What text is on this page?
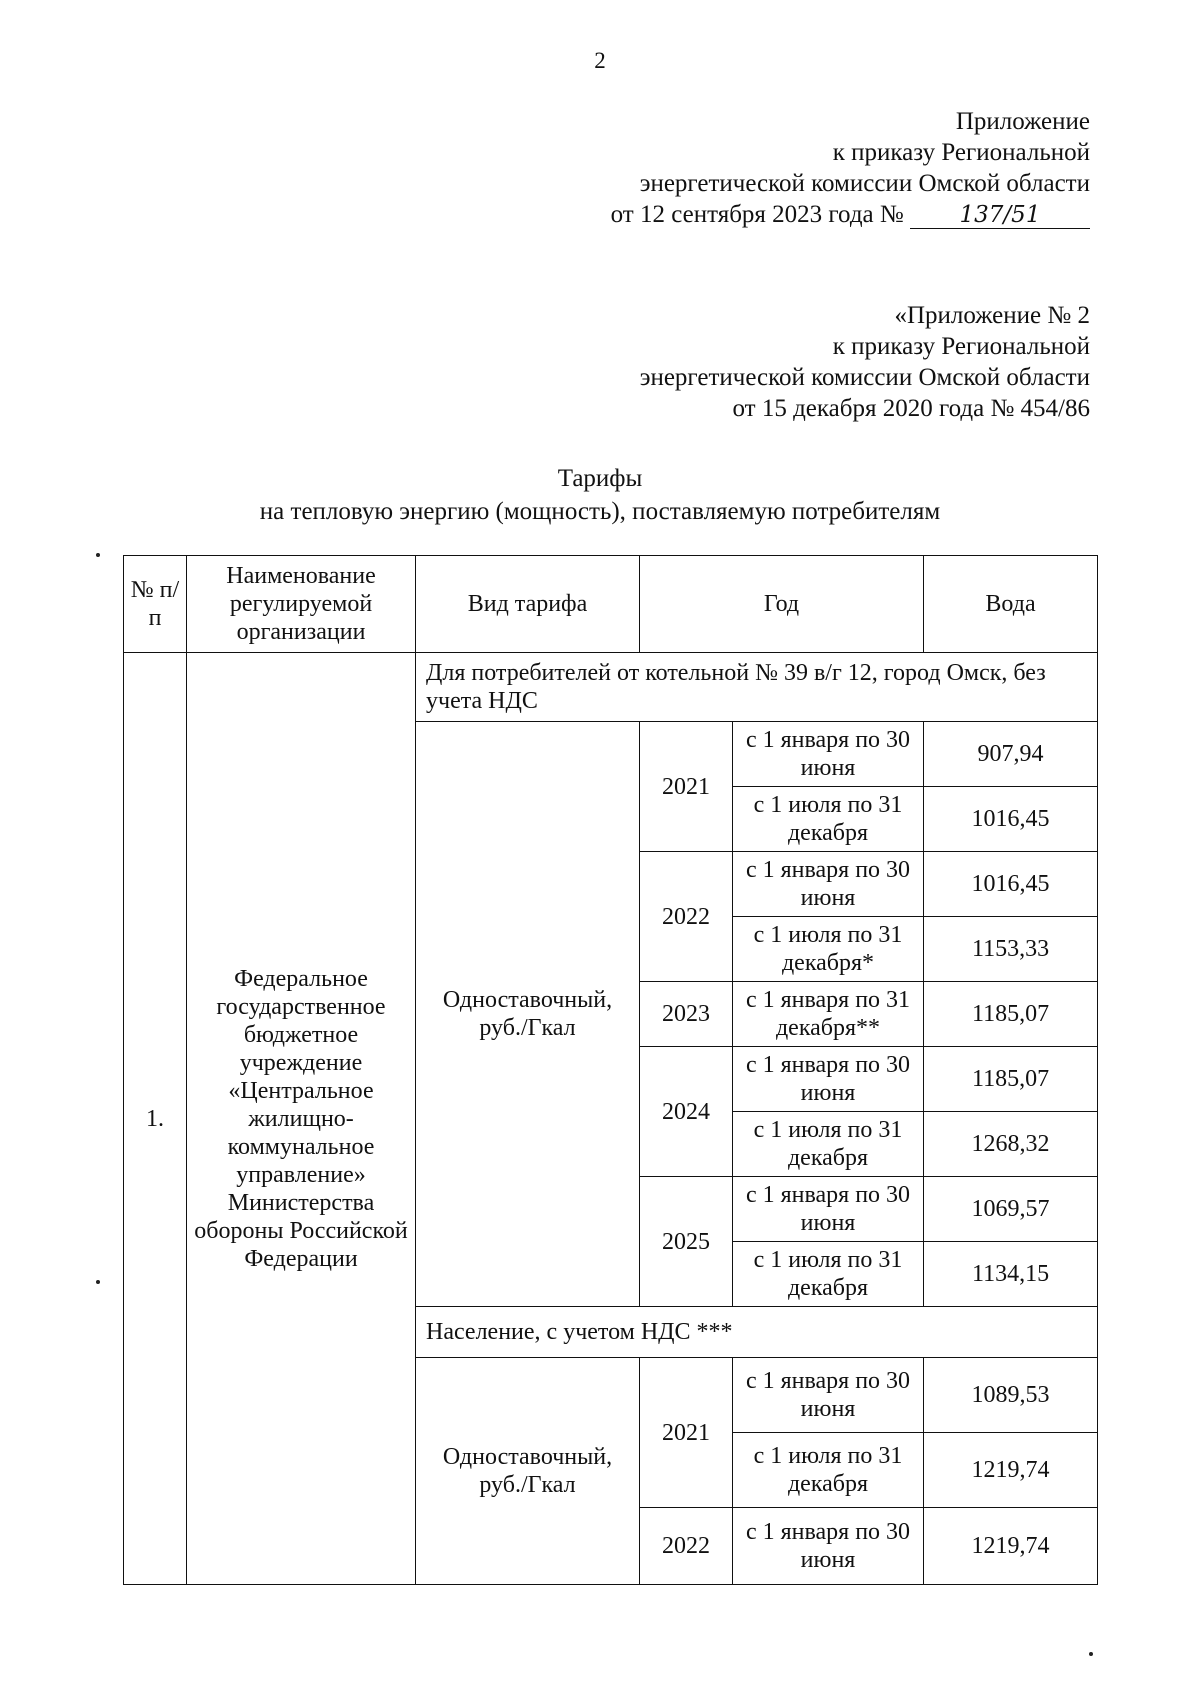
2
Приложение
к приказу Региональной
энергетической комиссии Омской области
от 12 сентября 2023 года № 137/51
«Приложение № 2
к приказу Региональной
энергетической комиссии Омской области
от 15 декабря 2020 года № 454/86
Тарифы
на тепловую энергию (мощность), поставляемую потребителям
№ п/п	Наименование регулируемой организации	Вид тарифа	Год		Вода
1.	Федеральное государственное бюджетное учреждение «Центральное жилищно-коммунальное управление» Министерства обороны Российской Федерации	Для потребителей от котельной № 39 в/г 12, город Омск, без учета НДС			
		Одноставочный, руб./Гкал	2021	с 1 января по 30 июня	907,94
				с 1 июля по 31 декабря	1016,45
			2022	с 1 января по 30 июня	1016,45
				с 1 июля по 31 декабря*	1153,33
			2023	с 1 января по 31 декабря**	1185,07
			2024	с 1 января по 30 июня	1185,07
				с 1 июля по 31 декабря	1268,32
			2025	с 1 января по 30 июня	1069,57
				с 1 июля по 31 декабря	1134,15
		Население, с учетом НДС ***			
		Одноставочный, руб./Гкал	2021	с 1 января по 30 июня	1089,53
				с 1 июля по 31 декабря	1219,74
			2022	с 1 января по 30 июня	1219,74
